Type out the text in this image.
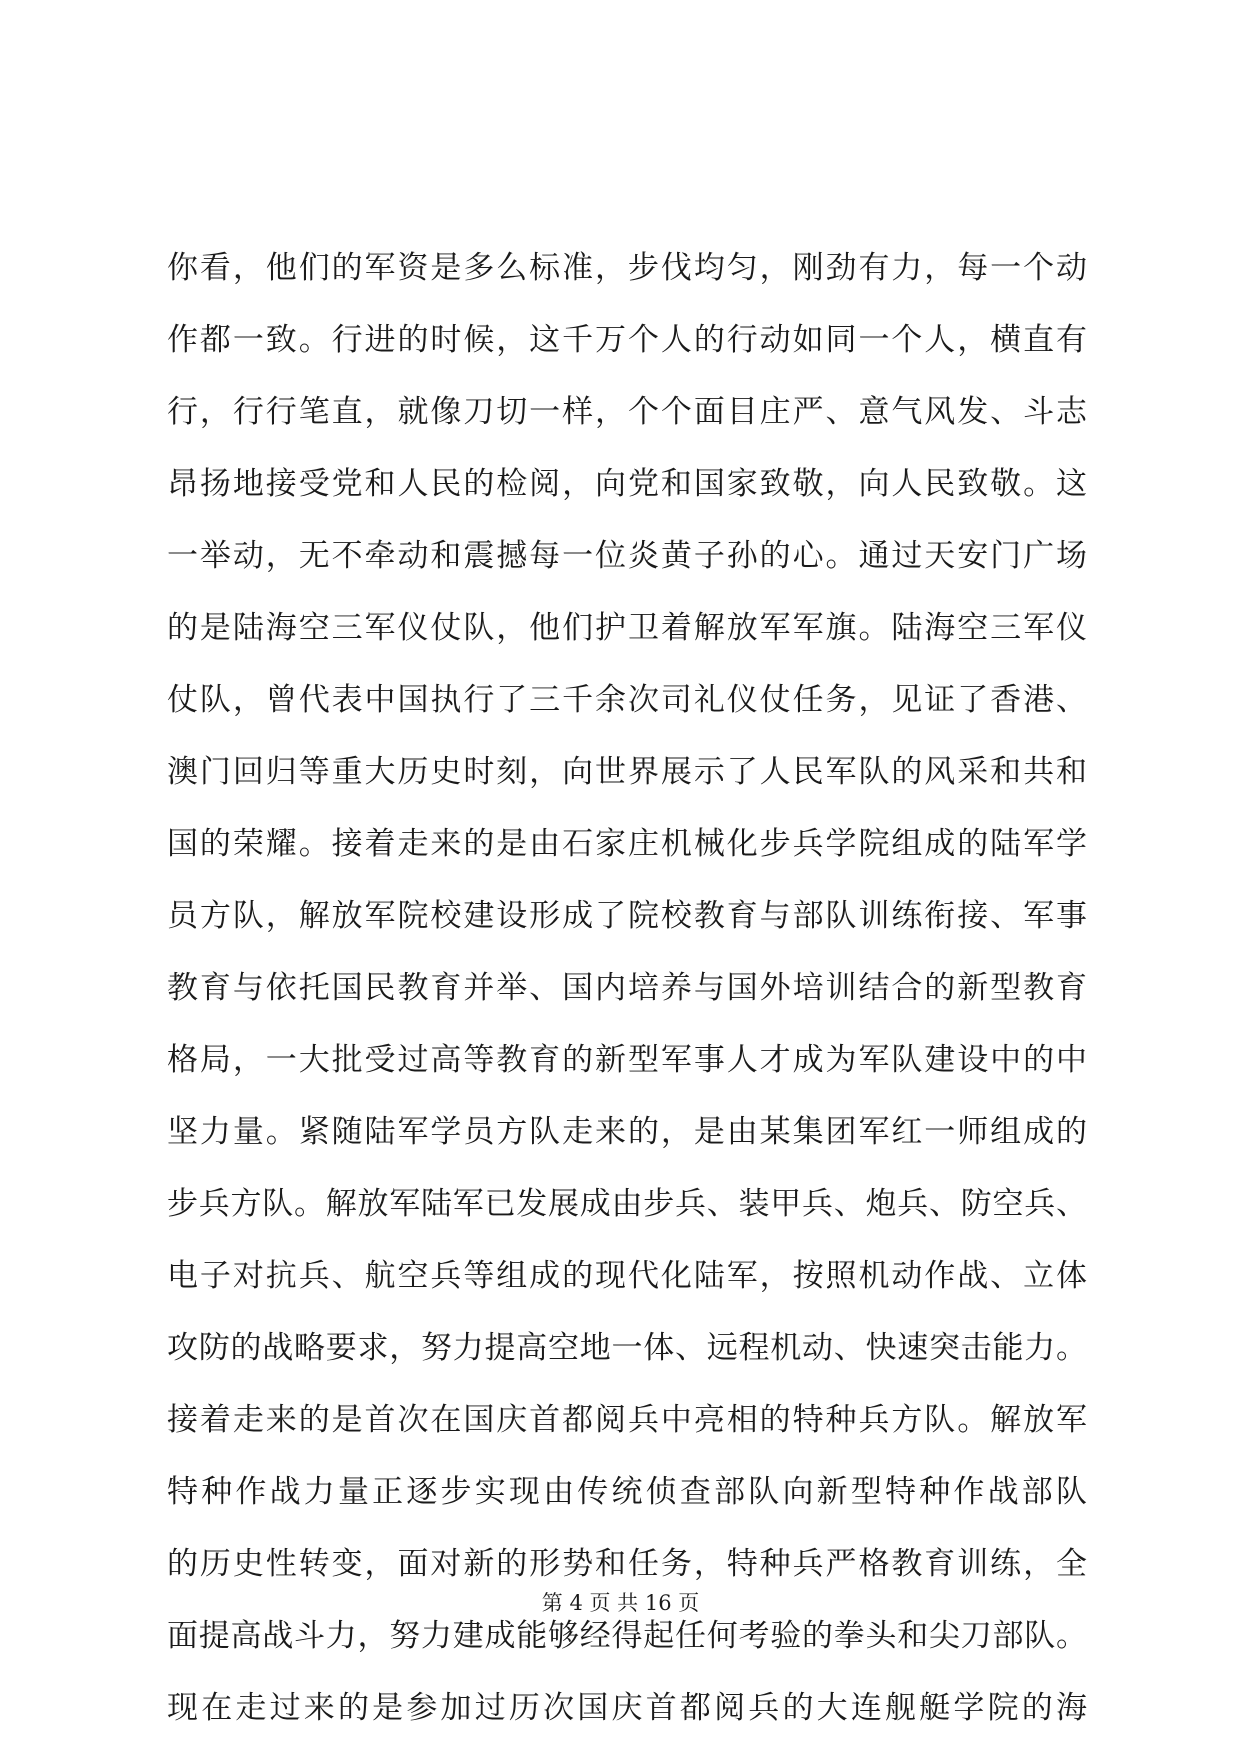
你看，他们的军资是多么标准，步伐均匀，刚劲有力，每一个动
作都一致。行进的时候，这千万个人的行动如同一个人，横直有
行，行行笔直，就像刀切一样，个个面目庄严、意气风发、斗志
昂扬地接受党和人民的检阅，向党和国家致敬，向人民致敬。这
一举动，无不牵动和震撼每一位炎黄子孙的心。通过天安门广场
的是陆海空三军仪仗队，他们护卫着解放军军旗。陆海空三军仪
仗队，曾代表中国执行了三千余次司礼仪仗任务，见证了香港、
澳门回归等重大历史时刻，向世界展示了人民军队的风采和共和
国的荣耀。接着走来的是由石家庄机械化步兵学院组成的陆军学
员方队，解放军院校建设形成了院校教育与部队训练衔接、军事
教育与依托国民教育并举、国内培养与国外培训结合的新型教育
格局，一大批受过高等教育的新型军事人才成为军队建设中的中
坚力量。紧随陆军学员方队走来的，是由某集团军红一师组成的
步兵方队。解放军陆军已发展成由步兵、装甲兵、炮兵、防空兵、
电子对抗兵、航空兵等组成的现代化陆军，按照机动作战、立体
攻防的战略要求，努力提高空地一体、远程机动、快速突击能力。
接着走来的是首次在国庆首都阅兵中亮相的特种兵方队。解放军
特种作战力量正逐步实现由传统侦查部队向新型特种作战部队
的历史性转变，面对新的形势和任务，特种兵严格教育训练，全
面提高战斗力，努力建成能够经得起任何考验的拳头和尖刀部队。
现在走过来的是参加过历次国庆首都阅兵的大连舰艇学院的海
第 4 页 共 16 页
